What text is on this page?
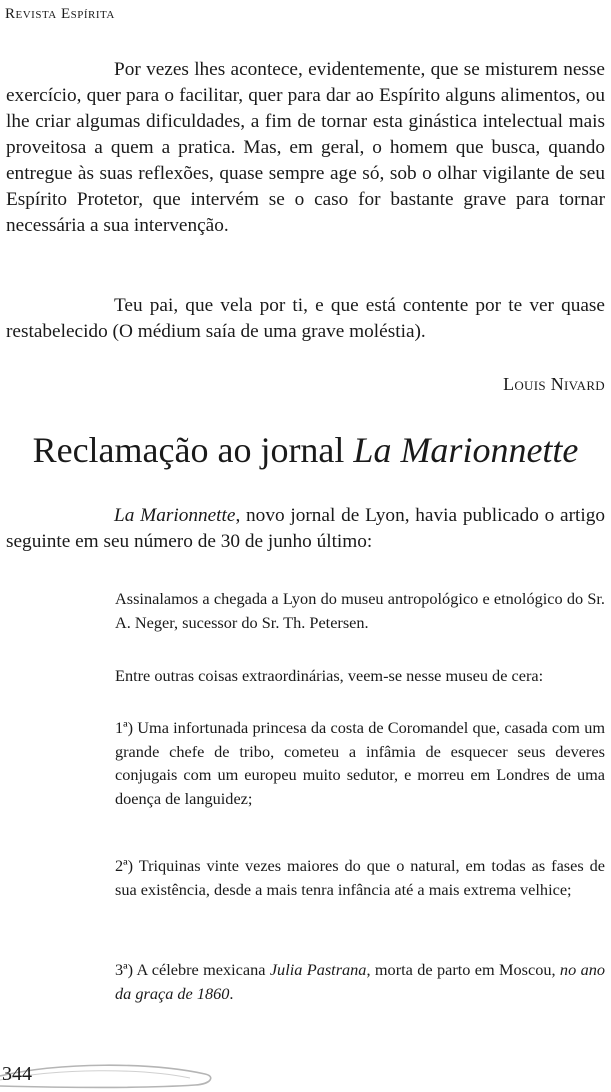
Revista Espírita

Por vezes lhes acontece, evidentemente, que se misturem nesse exercício, quer para o facilitar, quer para dar ao Espírito alguns alimentos, ou lhe criar algumas dificuldades, a fim de tornar esta ginástica intelectual mais proveitosa a quem a pratica. Mas, em geral, o homem que busca, quando entregue às suas reflexões, quase sempre age só, sob o olhar vigilante de seu Espírito Protetor, que intervém se o caso for bastante grave para tornar necessária a sua intervenção.

Teu pai, que vela por ti, e que está contente por te ver quase restabelecido (O médium saía de uma grave moléstia).

Louis Nivard
Reclamação ao jornal La Marionnette

La Marionnette, novo jornal de Lyon, havia publicado o artigo seguinte em seu número de 30 de junho último:

Assinalamos a chegada a Lyon do museu antropológico e etnológico do Sr. A. Neger, sucessor do Sr. Th. Petersen.

Entre outras coisas extraordinárias, veem-se nesse museu de cera:

1ª) Uma infortunada princesa da costa de Coromandel que, casada com um grande chefe de tribo, cometeu a infâmia de esquecer seus deveres conjugais com um europeu muito sedutor, e morreu em Londres de uma doença de languidez;

2ª) Triquinas vinte vezes maiores do que o natural, em todas as fases de sua existência, desde a mais tenra infância até a mais extrema velhice;

3ª) A célebre mexicana Julia Pastrana, morta de parto em Moscou, no ano da graça de 1860.

344
